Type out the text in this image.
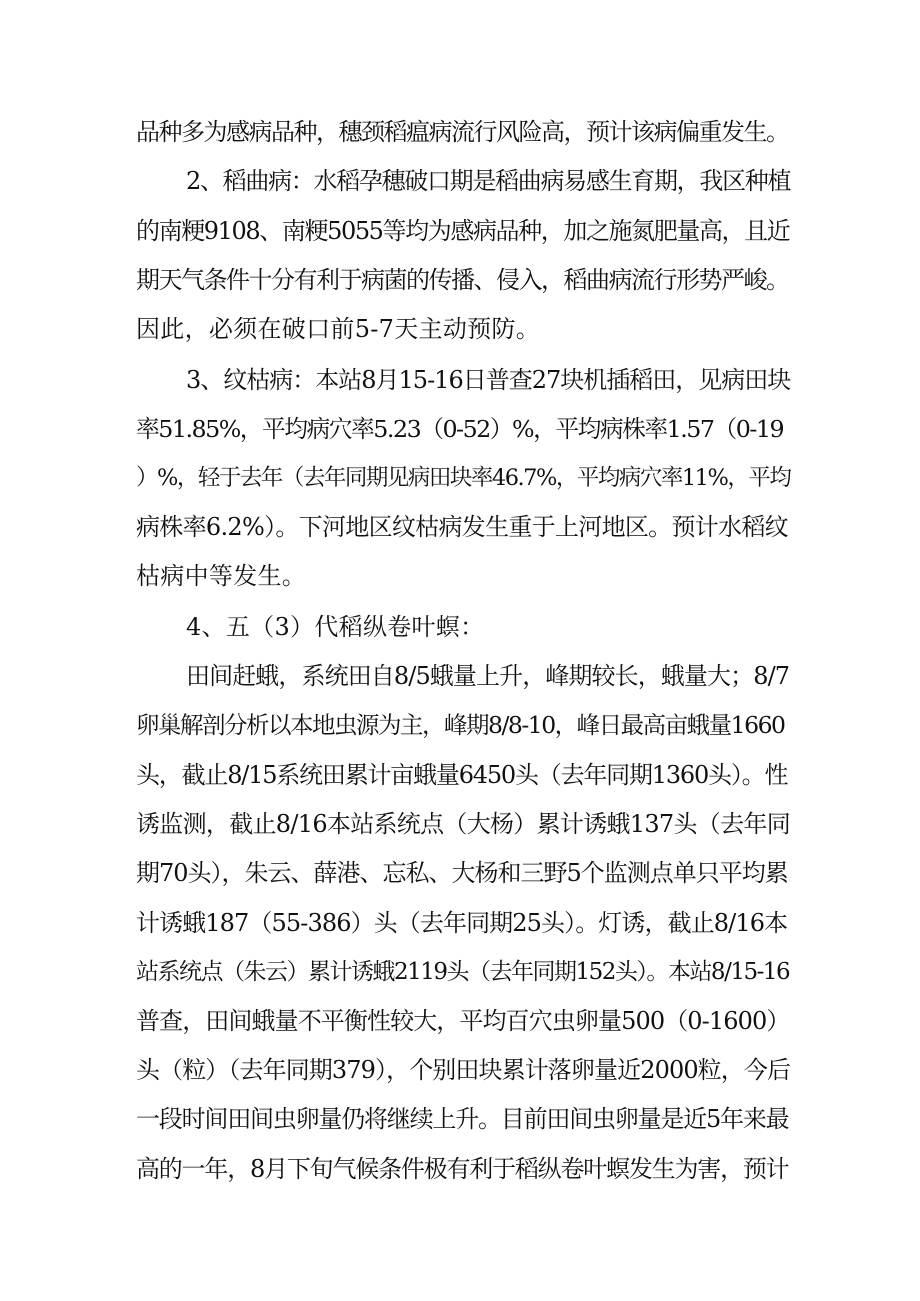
品种多为感病品种，穗颈稻瘟病流行风险高，预计该病偏重发生。

2、稻曲病：水稻孕穗破口期是稻曲病易感生育期，我区种植

的南粳9108、南粳5055等均为感病品种，加之施氮肥量高，且近

期天气条件十分有利于病菌的传播、侵入，稻曲病流行形势严峻。

因此，必须在破口前5-7天主动预防。

3、纹枯病：本站8月15-16日普查27块机插稻田，见病田块

率51.85%，平均病穴率5.23（0-52）%，平均病株率1.57（0-19

）%，轻于去年（去年同期见病田块率46.7%，平均病穴率11%，平均

病株率6.2%）。下河地区纹枯病发生重于上河地区。预计水稻纹

枯病中等发生。

4、五（3）代稻纵卷叶螟：

田间赶蛾，系统田自8/5蛾量上升，峰期较长，蛾量大；8/7

卵巢解剖分析以本地虫源为主，峰期8/8-10，峰日最高亩蛾量1660

头，截止8/15系统田累计亩蛾量6450头（去年同期1360头）。性

诱监测，截止8/16本站系统点（大杨）累计诱蛾137头（去年同

期70头），朱云、薛港、忘私、大杨和三野5个监测点单只平均累

计诱蛾187（55-386）头（去年同期25头）。灯诱，截止8/16本

站系统点（朱云）累计诱蛾2119头（去年同期152头）。本站8/15-16

普查，田间蛾量不平衡性较大，平均百穴虫卵量500（0-1600）

头（粒）（去年同期379），个别田块累计落卵量近2000粒，今后

一段时间田间虫卵量仍将继续上升。目前田间虫卵量是近5年来最

高的一年，8月下旬气候条件极有利于稻纵卷叶螟发生为害，预计
